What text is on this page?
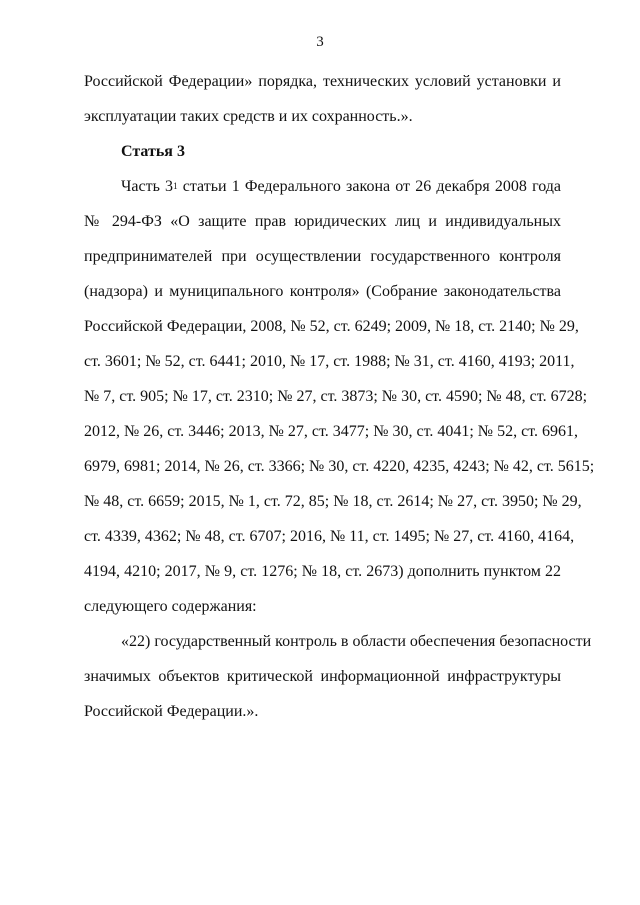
3
Российской Федерации» порядка, технических условий установки и
эксплуатации таких средств и их сохранность.».
Статья 3
Часть $3^1$ статьи 1 Федерального закона от 26 декабря 2008 года
№ 294-ФЗ «О защите прав юридических лиц и индивидуальных
предпринимателей при осуществлении государственного контроля
(надзора) и муниципального контроля» (Собрание законодательства
Российской Федерации, 2008, № 52, ст. 6249; 2009, № 18, ст. 2140; № 29,
ст. 3601; № 52, ст. 6441; 2010, № 17, ст. 1988; № 31, ст. 4160, 4193; 2011,
№ 7, ст. 905; № 17, ст. 2310; № 27, ст. 3873; № 30, ст. 4590; № 48, ст. 6728;
2012, № 26, ст. 3446; 2013, № 27, ст. 3477; № 30, ст. 4041; № 52, ст. 6961,
6979, 6981; 2014, № 26, ст. 3366; № 30, ст. 4220, 4235, 4243; № 42, ст. 5615;
№ 48, ст. 6659; 2015, № 1, ст. 72, 85; № 18, ст. 2614; № 27, ст. 3950; № 29,
ст. 4339, 4362; № 48, ст. 6707; 2016, № 11, ст. 1495; № 27, ст. 4160, 4164,
4194, 4210; 2017, № 9, ст. 1276; № 18, ст. 2673) дополнить пунктом 22
следующего содержания:
«22) государственный контроль в области обеспечения безопасности
значимых объектов критической информационной инфраструктуры
Российской Федерации.».
